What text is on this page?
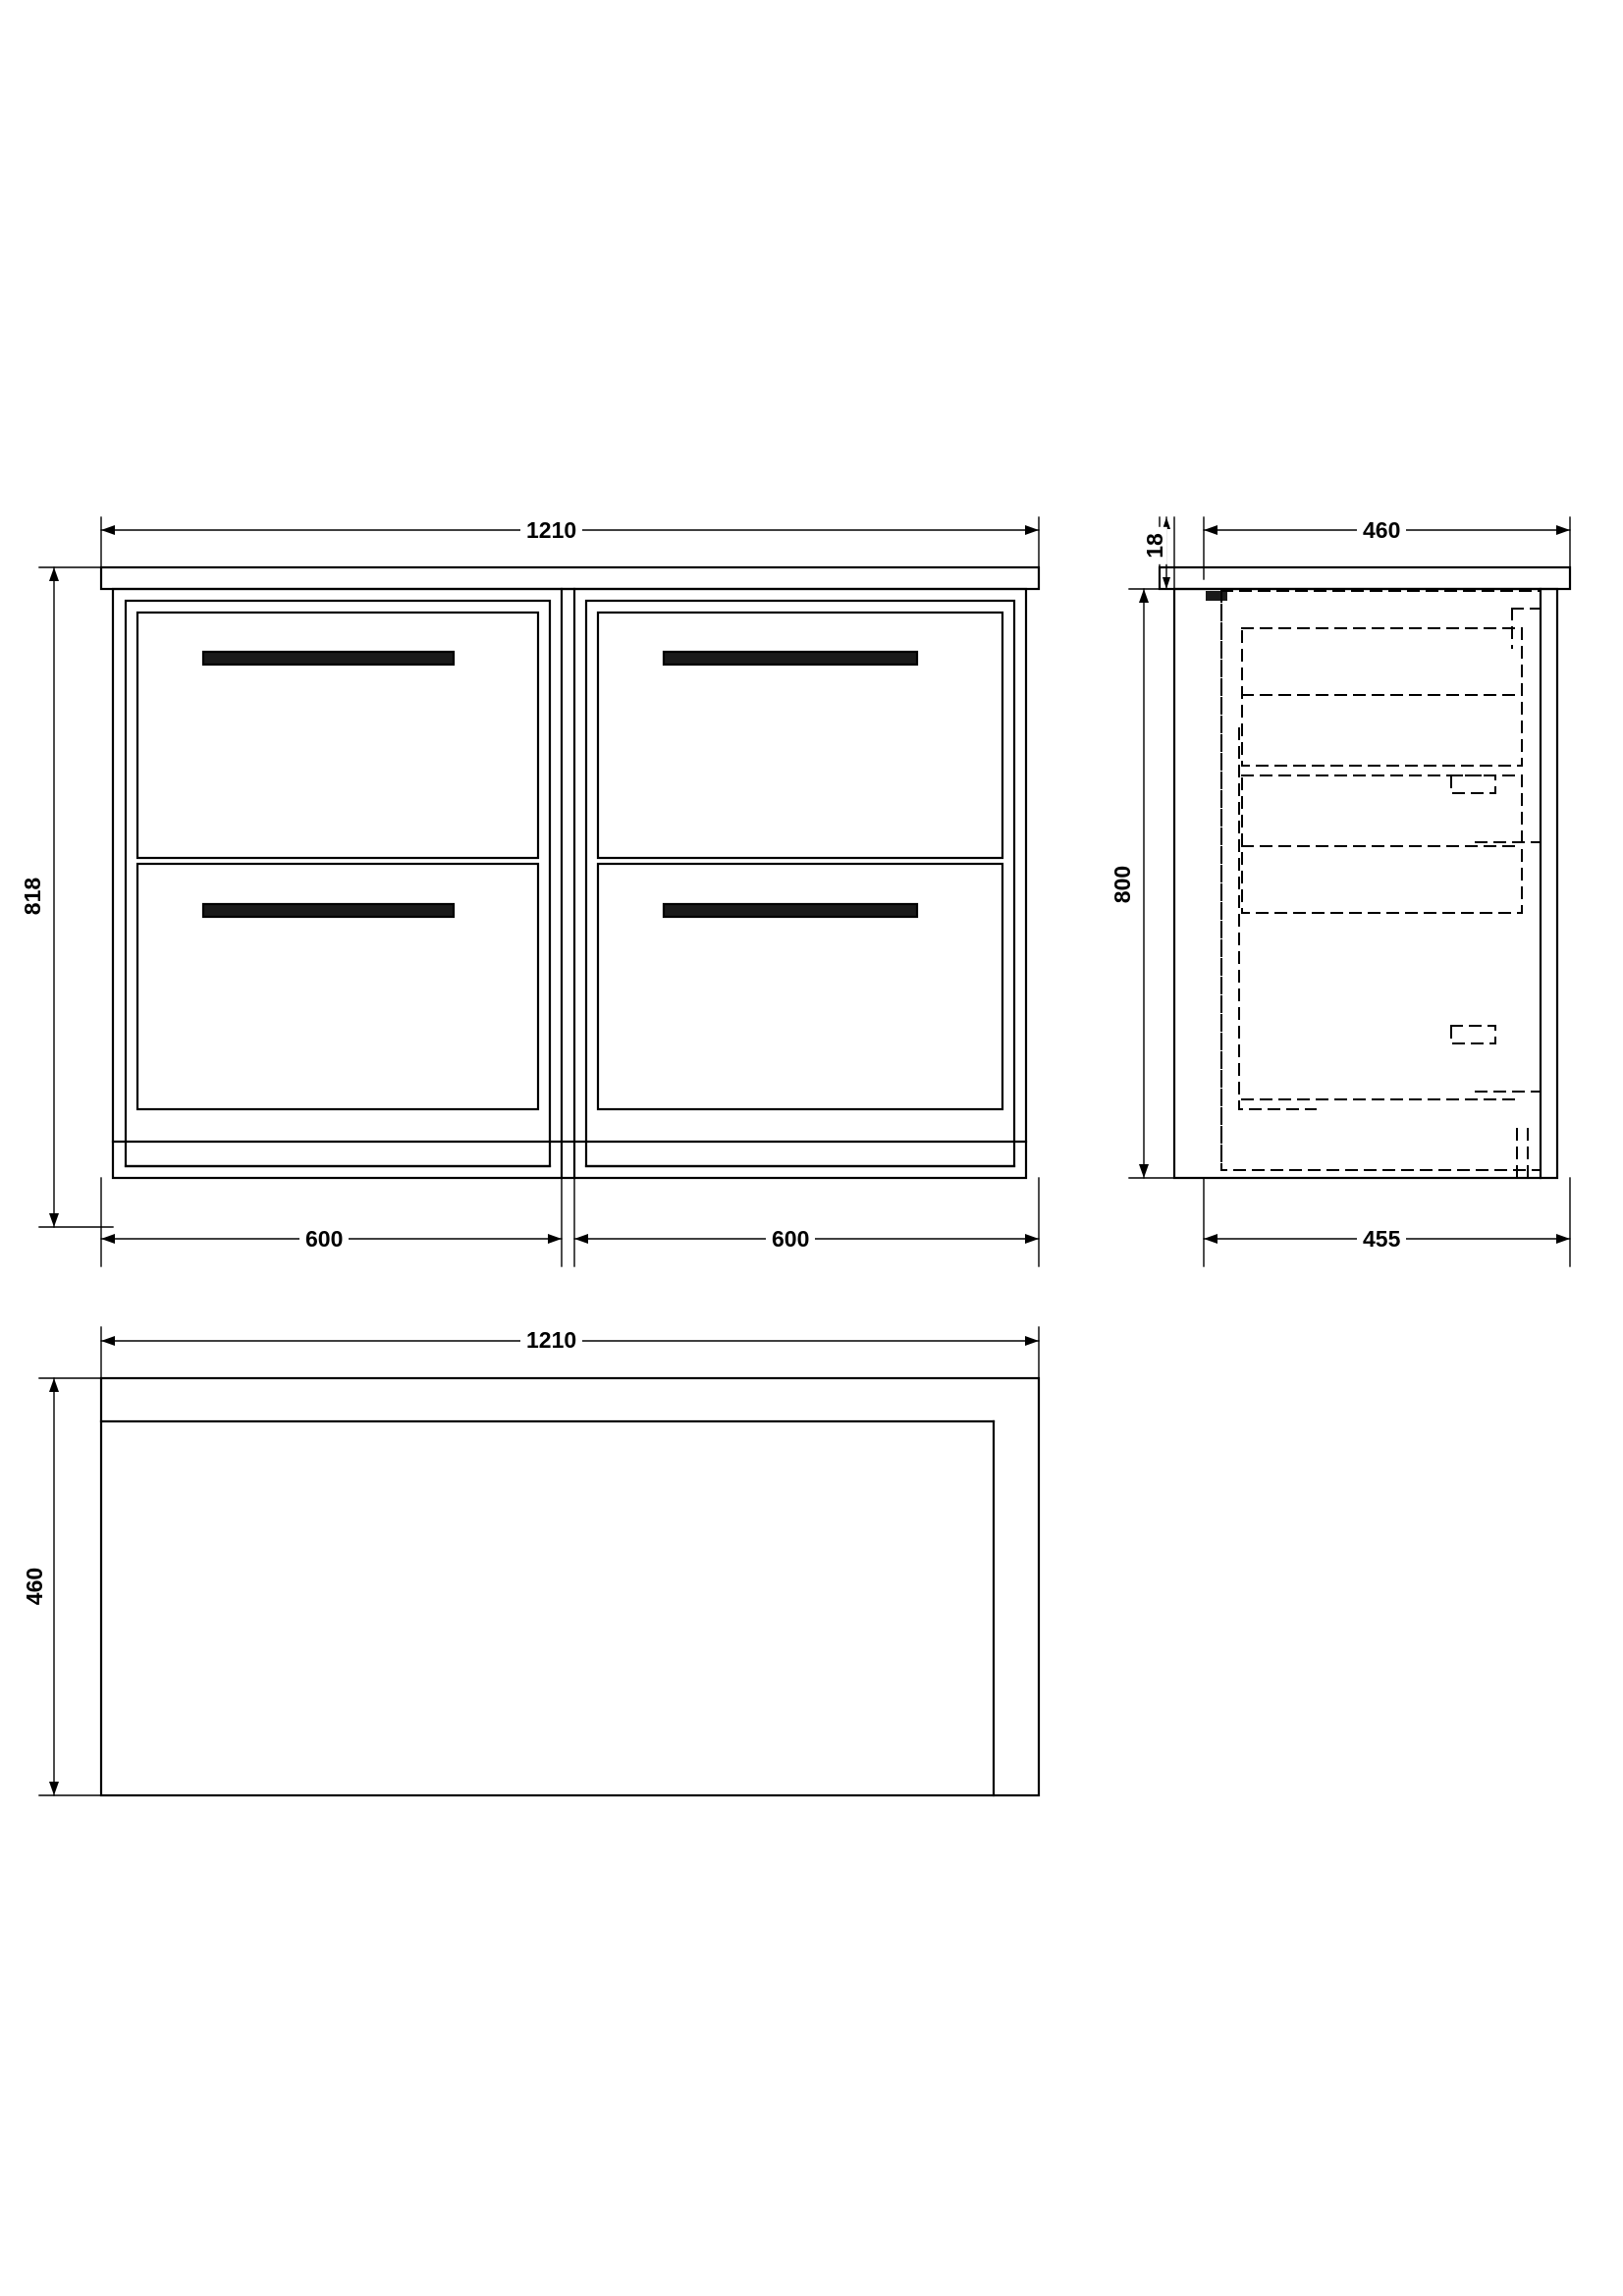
1210
818
600	600
460
18
800
455
1210
460
